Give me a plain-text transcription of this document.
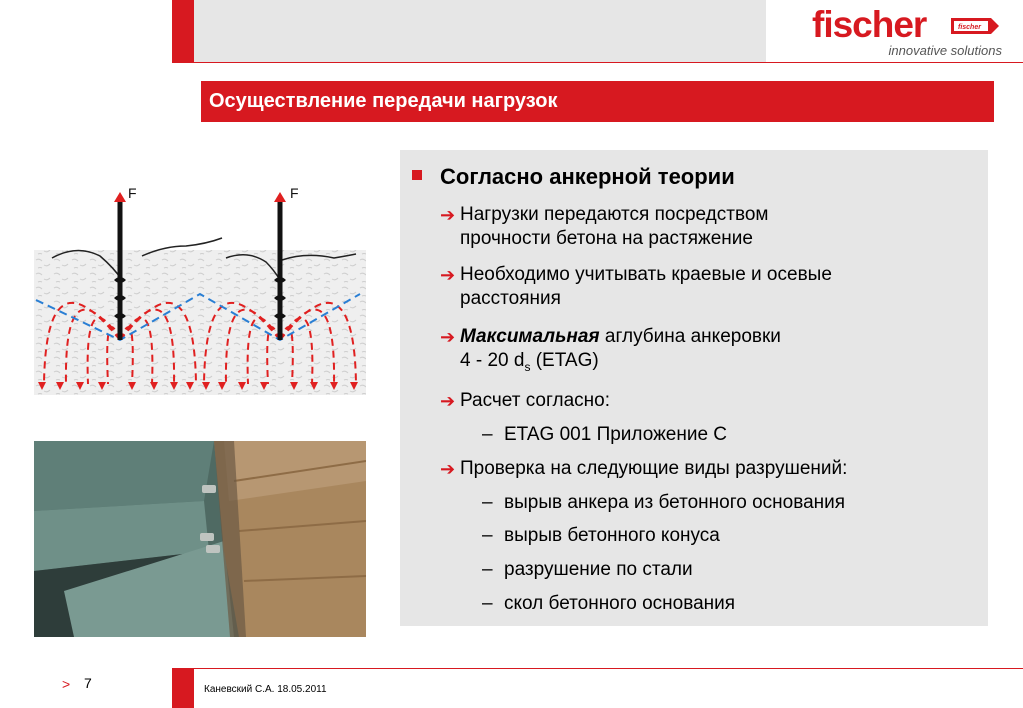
fischer	fischer
innovative solutions
Осуществление передачи нагрузок
F	F
Согласно анкерной теории
➔ Нагрузки передаются посредством
прочности бетона на растяжение
➔ Необходимо учитывать краевые и осевые
расстояния
➔ Максимальная аглубина анкеровки
4 - 20 $d_s$ (ETAG)
➔ Расчет согласно:
– ETAG 001 Приложение С
➔ Проверка на следующие виды разрушений:
– вырыв анкера из бетонного основания
– вырыв бетонного конуса
– разрушение по стали
– скол бетонного основания
> 7	Каневский С.А. 18.05.2011
